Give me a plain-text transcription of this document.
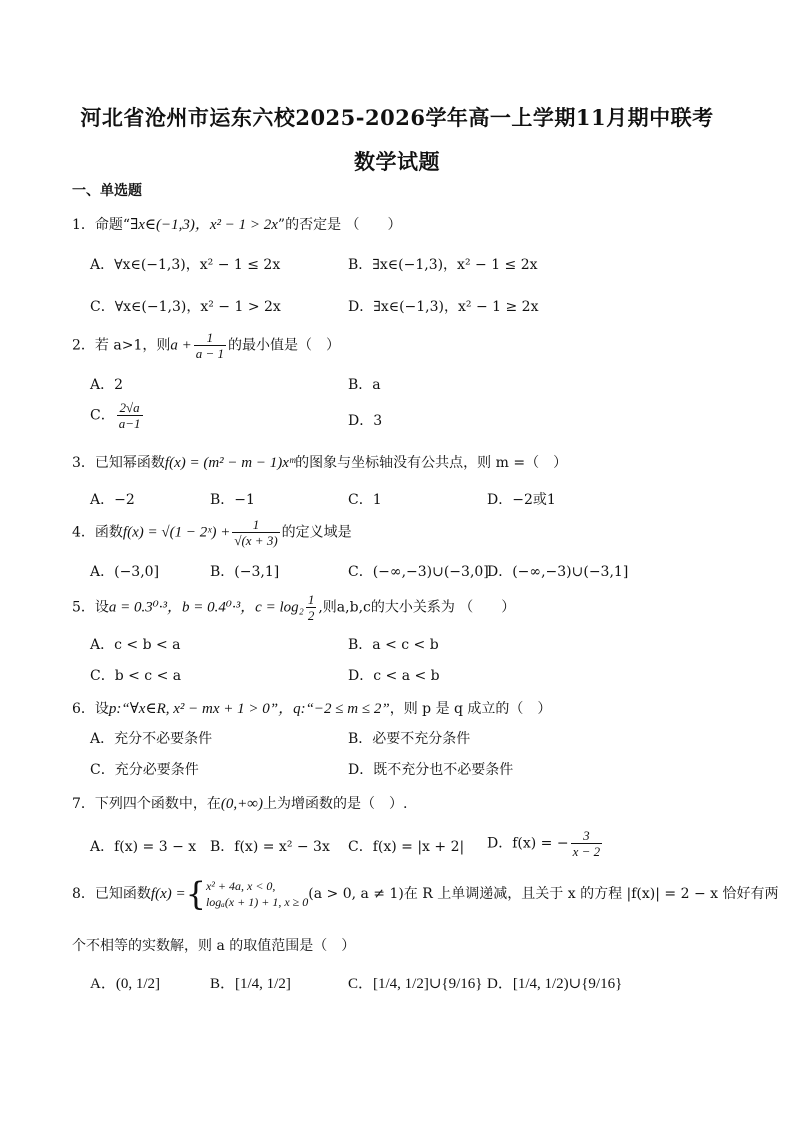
河北省沧州市运东六校2025-2026学年高一上学期11月期中联考
数学试题
一、单选题
1．命题“∃x∈(−1,3)，x² − 1 > 2x”的否定是 （　　）
A．∀x∈(−1,3)，x² − 1 ≤ 2x	B．∃x∈(−1,3)，x² − 1 ≤ 2x
C．∀x∈(−1,3)，x² − 1 > 2x	D．∃x∈(−1,3)，x² − 1 ≥ 2x
2．若 a>1，则$a + \frac{1}{a - 1}$ 的最小值是（　）
A．2	B．a
C． $\frac{2√a}{a-1}$	D．3
3．已知幂函数f(x) = (m² − m − 1)xᵐ的图象与坐标轴没有公共点，则 m =（　）
A．−2	B．−1	C．1	D．−2或1
4．函数f(x) = √(1 − 2ˣ) + $\frac{1}{√(x + 3)}$ 的定义域是
A．(−3,0]	B．(−3,1]	C．(−∞,−3)∪(−3,0]
D．(−∞,−3)∪(−3,1]
5．设a = 0.3⁰·³，b = 0.4⁰·³，$c = \log_2 \frac{1}{2}$ ,则a,b,c的大小关系为 （　　）
A．c < b < a	B．a < c < b
C．b < c < a	D．c < a < b
6．设p:“∀x∈R, x² − mx + 1 > 0”，q:“−2 ≤ m ≤ 2”，则 p 是 q 成立的（　）
A．充分不必要条件	B．必要不充分条件
C．充分必要条件	D．既不充分也不必要条件
7．下列四个函数中，在(0,+∞)上为增函数的是（　）.
A．f(x) = 3 − x B．f(x) = x² − 3x C．f(x) = |x + 2| D．f(x) = − $\frac{3}{x - 2}$
8．已知函数f(x) ={ x² + 4a, x < 0,
logₐ(x + 1) + 1, x ≥ 0 (a > 0, a ≠ 1)在 R 上单调递减，且关于 x 的方程 |f(x)| = 2 − x 恰好有两
个不相等的实数解，则 a 的取值范围是（　）
A．(0, 1/2]	B．[1/4, 1/2]	C．[1/4, 1/2]∪{9/16} D．[1/4, 1/2)∪{9/16}
